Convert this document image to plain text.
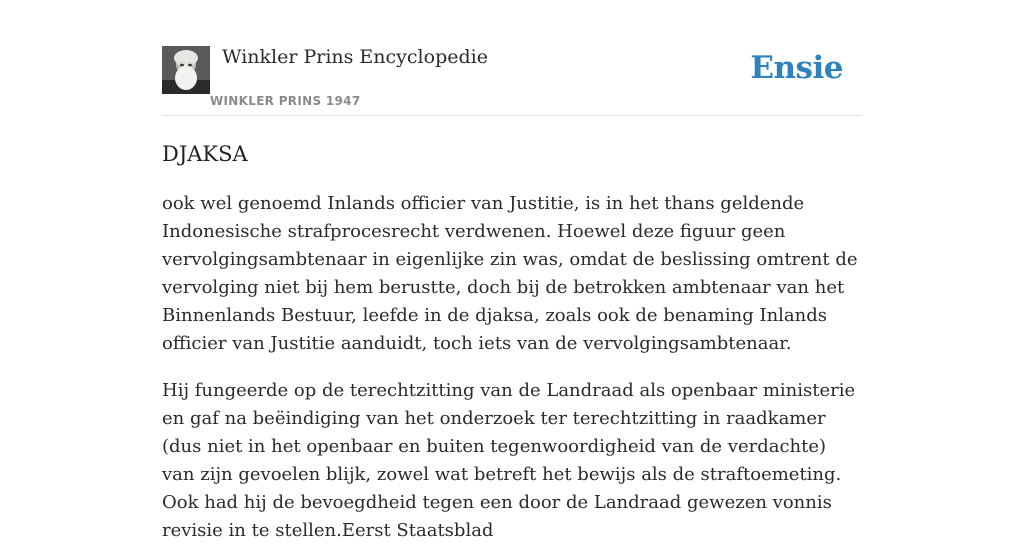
Winkler Prins Encyclopedie
WINKLER PRINS 1947
Ensie
DJAKSA

ook wel genoemd Inlands officier van Justitie, is in het thans geldende Indonesische strafprocesrecht verdwenen. Hoewel deze figuur geen vervolgingsambtenaar in eigenlijke zin was, omdat de beslissing omtrent de vervolging niet bij hem berustte, doch bij de betrokken ambtenaar van het Binnenlands Bestuur, leefde in de djaksa, zoals ook de benaming Inlands officier van Justitie aanduidt, toch iets van de vervolgingsambtenaar.

Hij fungeerde op de terechtzitting van de Landraad als openbaar ministerie en gaf na beëindiging van het onderzoek ter terechtzitting in raadkamer (dus niet in het openbaar en buiten tegenwoordigheid van de verdachte) van zijn gevoelen blijk, zowel wat betreft het bewijs als de straftoemeting. Ook had hij de bevoegdheid tegen een door de Landraad gewezen vonnis revisie in te stellen.Eerst Staatsblad
